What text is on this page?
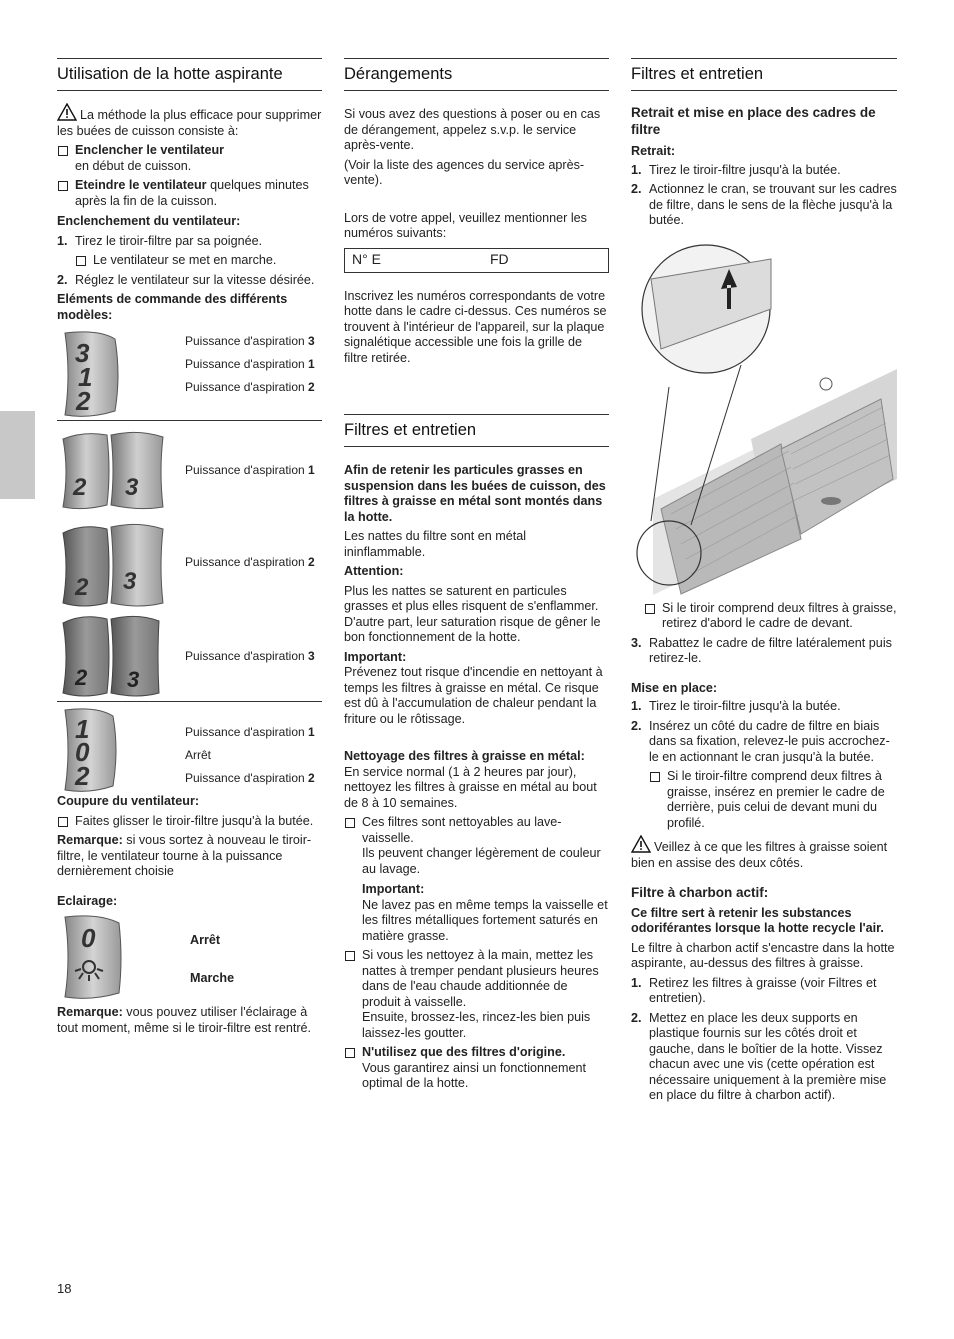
Utilisation de la hotte aspirante

La méthode la plus efficace pour supprimer les buées de cuisson consiste à:

Enclencher le ventilateur
en début de cuisson.
Eteindre le ventilateur quelques minutes après la fin de la cuisson.

Enclenchement du ventilateur:

1. Tirez le tiroir-filtre par sa poignée.
Le ventilateur se met en marche.
2. Réglez le ventilateur sur la vitesse désirée.

Eléments de commande des différents modèles:

3
1
2
Puissance d'aspiration 3
Puissance d'aspiration 1
Puissance d'aspiration 2
2 3
Puissance d'aspiration 1
2 3
Puissance d'aspiration 2
2 3
Puissance d'aspiration 3
1
0
2
Puissance d'aspiration 1
Arrêt
Puissance d'aspiration 2

Coupure du ventilateur:

Faites glisser le tiroir-filtre jusqu'à la butée.

Remarque: si vous sortez à nouveau le tiroir-filtre, le ventilateur tourne à la puissance dernièrement choisie

Eclairage:

0	Arrêt
Marche

Remarque: vous pouvez utiliser l'éclairage à tout moment, même si le tiroir-filtre est rentré.

Dérangements

Si vous avez des questions à poser ou en cas de dérangement, appelez s.v.p. le service après-vente.

(Voir la liste des agences du service après-vente).

Lors de votre appel, veuillez mentionner les numéros suivants:

N° E	FD

Inscrivez les numéros correspondants de votre hotte dans le cadre ci-dessus. Ces numéros se trouvent à l'intérieur de l'appareil, sur la plaque signalétique accessible une fois la grille de filtre retirée.

Filtres et entretien

Afin de retenir les particules grasses en suspension dans les buées de cuisson, des filtres à graisse en métal sont montés dans la hotte.

Les nattes du filtre sont en métal ininflammable.

Attention:

Plus les nattes se saturent en particules grasses et plus elles risquent de s'enflammer. D'autre part, leur saturation risque de gêner le bon fonctionnement de la hotte.

Important:

Prévenez tout risque d'incendie en nettoyant à temps les filtres à graisse en métal. Ce risque est dû à l'accumulation de chaleur pendant la friture ou le rôtissage.

Nettoyage des filtres à graisse en métal:

En service normal (1 à 2 heures par jour), nettoyez les filtres à graisse en métal au bout de 8 à 10 semaines.

Ces filtres sont nettoyables au lave-vaisselle.
Ils peuvent changer légèrement de couleur au lavage.
Important:
Ne lavez pas en même temps la vaisselle et les filtres métalliques fortement saturés en matière grasse.
Si vous les nettoyez à la main, mettez les nattes à tremper pendant plusieurs heures dans de l'eau chaude additionnée de produit à vaisselle.
Ensuite, brossez-les, rincez-les bien puis laissez-les goutter.
N'utilisez que des filtres d'origine.
Vous garantirez ainsi un fonctionnement optimal de la hotte.
Filtres et entretien

Retrait et mise en place des cadres de filtre

Retrait:

1. Tirez le tiroir-filtre jusqu'à la butée.
2. Actionnez le cran, se trouvant sur les cadres de filtre, dans le sens de la flèche jusqu'à la butée.
Si le tiroir comprend deux filtres à graisse, retirez d'abord le cadre de devant.
3. Rabattez le cadre de filtre latéralement puis retirez-le.

Mise en place:

1. Tirez le tiroir-filtre jusqu'à la butée.
2. Insérez un côté du cadre de filtre en biais dans sa fixation, relevez-le puis accrochez-le en actionnant le cran jusqu'à la butée.
Si le tiroir-filtre comprend deux filtres à graisse, insérez en premier le cadre de derrière, puis celui de devant muni du profilé.

Veillez à ce que les filtres à graisse soient bien en assise des deux côtés.

Filtre à charbon actif:

Ce filtre sert à retenir les substances odoriférantes lorsque la hotte recycle l'air.

Le filtre à charbon actif s'encastre dans la hotte aspirante, au-dessus des filtres à graisse.

1. Retirez les filtres à graisse (voir Filtres et entretien).
2. Mettez en place les deux supports en plastique fournis sur les côtés droit et gauche, dans le boîtier de la hotte. Vissez chacun avec une vis (cette opération est nécessaire uniquement à la première mise en place du filtre à charbon actif).
18
